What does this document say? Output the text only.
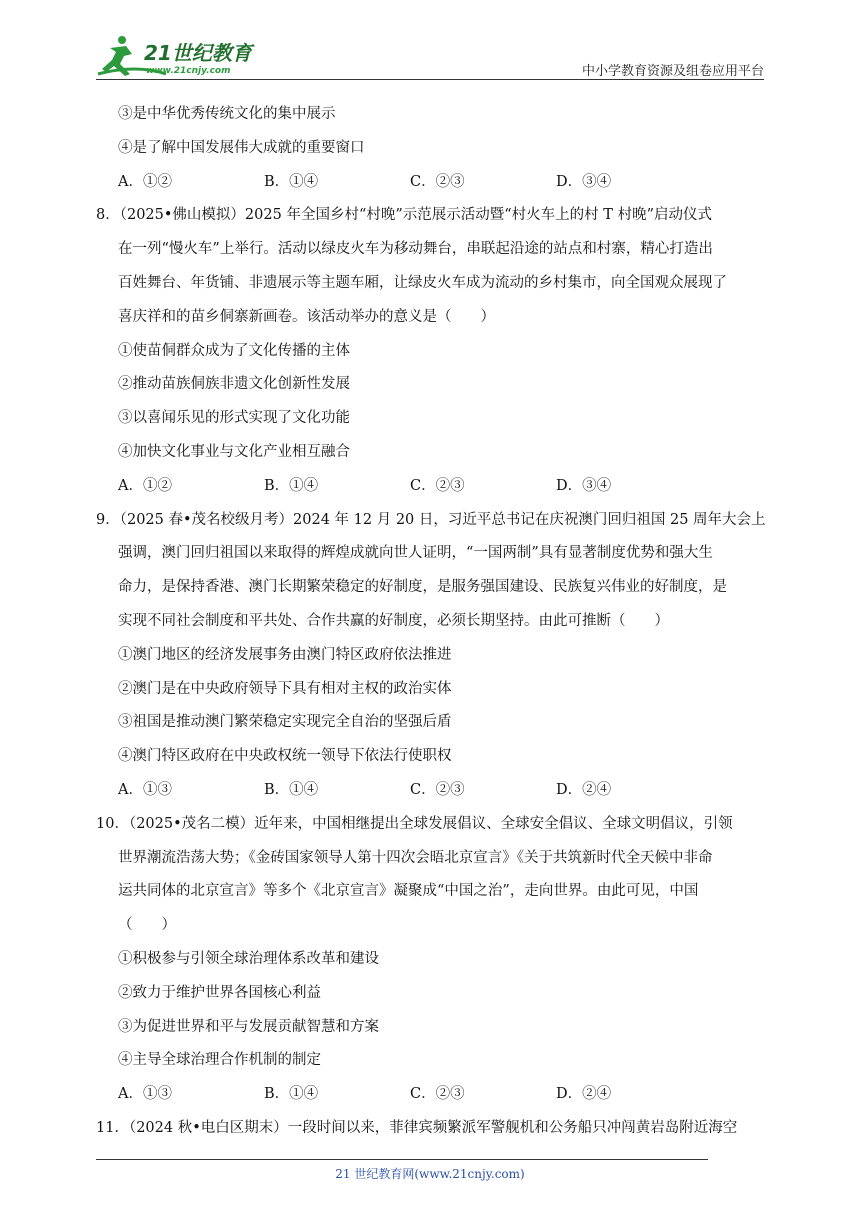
21世纪教育
www.21cnjy.com	中小学教育资源及组卷应用平台
③是中华优秀传统文化的集中展示
④是了解中国发展伟大成就的重要窗口
A．①②	B．①④	C．②③	D．③④
8．（2025•佛山模拟）2025 年全国乡村“村晚”示范展示活动暨“村火车上的村 T 村晚”启动仪式
在一列“慢火车”上举行。活动以绿皮火车为移动舞台，串联起沿途的站点和村寨，精心打造出
百姓舞台、年货铺、非遗展示等主题车厢，让绿皮火车成为流动的乡村集市，向全国观众展现了
喜庆祥和的苗乡侗寨新画卷。该活动举办的意义是（　　）
①使苗侗群众成为了文化传播的主体
②推动苗族侗族非遗文化创新性发展
③以喜闻乐见的形式实现了文化功能
④加快文化事业与文化产业相互融合
A．①②	B．①④	C．②③	D．③④
9．（2025 春•茂名校级月考）2024 年 12 月 20 日，习近平总书记在庆祝澳门回归祖国 25 周年大会上
强调，澳门回归祖国以来取得的辉煌成就向世人证明，“一国两制”具有显著制度优势和强大生
命力，是保持香港、澳门长期繁荣稳定的好制度，是服务强国建设、民族复兴伟业的好制度，是
实现不同社会制度和平共处、合作共赢的好制度，必须长期坚持。由此可推断（　　）
①澳门地区的经济发展事务由澳门特区政府依法推进
②澳门是在中央政府领导下具有相对主权的政治实体
③祖国是推动澳门繁荣稳定实现完全自治的坚强后盾
④澳门特区政府在中央政权统一领导下依法行使职权
A．①③	B．①④	C．②③	D．②④
10．（2025•茂名二模）近年来，中国相继提出全球发展倡议、全球安全倡议、全球文明倡议，引领
世界潮流浩荡大势；《金砖国家领导人第十四次会晤北京宣言》《关于共筑新时代全天候中非命
运共同体的北京宣言》等多个《北京宣言》凝聚成“中国之治”，走向世界。由此可见，中国
（　　）
①积极参与引领全球治理体系改革和建设
②致力于维护世界各国核心利益
③为促进世界和平与发展贡献智慧和方案
④主导全球治理合作机制的制定
A．①③	B．①④	C．②③	D．②④
11．（2024 秋•电白区期末）一段时间以来，菲律宾频繁派军警舰机和公务船只冲闯黄岩岛附近海空
21 世纪教育网(www.21cnjy.com)
